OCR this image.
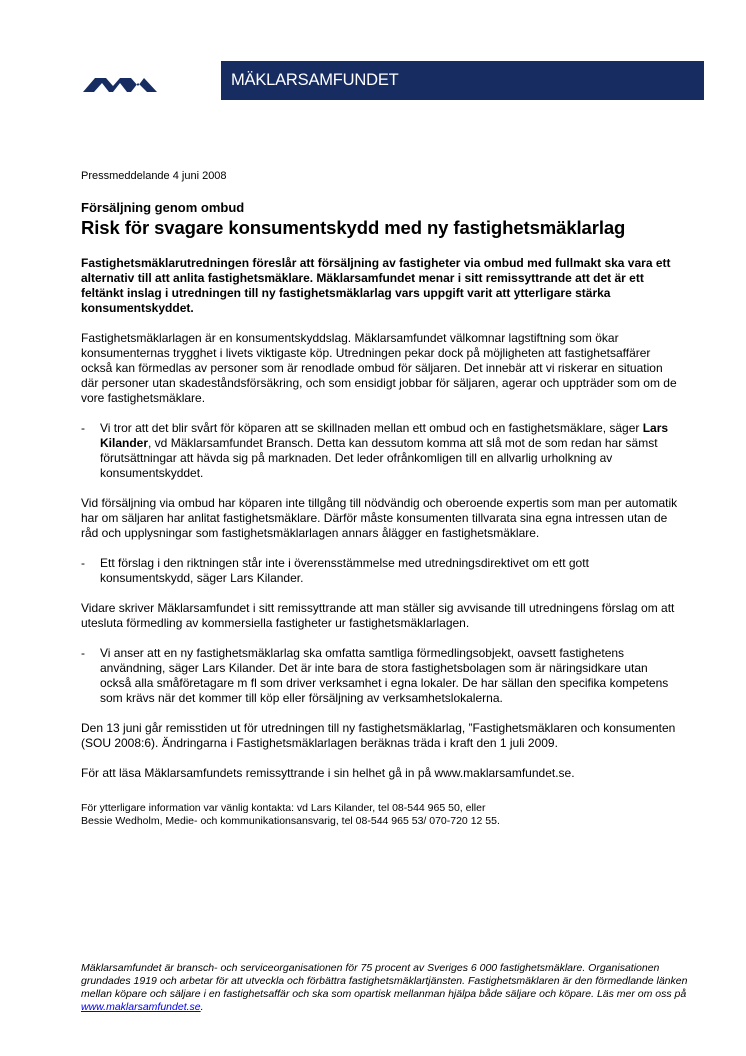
MÄKLARSAMFUNDET
Pressmeddelande 4 juni 2008
Försäljning genom ombud
Risk för svagare konsumentskydd med ny fastighetsmäklarlag

Fastighetsmäklarutredningen föreslår att försäljning av fastigheter via ombud med fullmakt ska vara ett alternativ till att anlita fastighetsmäklare. Mäklarsamfundet menar i sitt remissyttrande att det är ett feltänkt inslag i utredningen till ny fastighetsmäklarlag vars uppgift varit att ytterligare stärka konsumentskyddet.

Fastighetsmäklarlagen är en konsumentskyddslag. Mäklarsamfundet välkomnar lagstiftning som ökar konsumenternas trygghet i livets viktigaste köp. Utredningen pekar dock på möjligheten att fastighetsaffärer också kan förmedlas av personer som är renodlade ombud för säljaren. Det innebär att vi riskerar en situation där personer utan skadeståndsförsäkring, och som ensidigt jobbar för säljaren, agerar och uppträder som om de vore fastighetsmäklare.

- Vi tror att det blir svårt för köparen att se skillnaden mellan ett ombud och en fastighetsmäklare, säger Lars Kilander, vd Mäklarsamfundet Bransch. Detta kan dessutom komma att slå mot de som redan har sämst förutsättningar att hävda sig på marknaden. Det leder ofrånkomligen till en allvarlig urholkning av konsumentskyddet.

Vid försäljning via ombud har köparen inte tillgång till nödvändig och oberoende expertis som man per automatik har om säljaren har anlitat fastighetsmäklare. Därför måste konsumenten tillvarata sina egna intressen utan de råd och upplysningar som fastighetsmäklarlagen annars ålägger en fastighetsmäklare.

- Ett förslag i den riktningen står inte i överensstämmelse med utredningsdirektivet om ett gott konsumentskydd, säger Lars Kilander.

Vidare skriver Mäklarsamfundet i sitt remissyttrande att man ställer sig avvisande till utredningens förslag om att utesluta förmedling av kommersiella fastigheter ur fastighetsmäklarlagen.

- Vi anser att en ny fastighetsmäklarlag ska omfatta samtliga förmedlingsobjekt, oavsett fastighetens användning, säger Lars Kilander. Det är inte bara de stora fastighetsbolagen som är näringsidkare utan också alla småföretagare m fl som driver verksamhet i egna lokaler. De har sällan den specifika kompetens som krävs när det kommer till köp eller försäljning av verksamhetslokalerna.

Den 13 juni går remisstiden ut för utredningen till ny fastighetsmäklarlag, ”Fastighetsmäklaren och konsumenten (SOU 2008:6). Ändringarna i Fastighetsmäklarlagen beräknas träda i kraft den 1 juli 2009.

För att läsa Mäklarsamfundets remissyttrande i sin helhet gå in på www.maklarsamfundet.se.

För ytterligare information var vänlig kontakta: vd Lars Kilander, tel 08-544 965 50, eller
Bessie Wedholm, Medie- och kommunikationsansvarig, tel 08-544 965 53/ 070-720 12 55.
Mäklarsamfundet är bransch- och serviceorganisationen för 75 procent av Sveriges 6 000 fastighetsmäklare. Organisationen grundades 1919 och arbetar för att utveckla och förbättra fastighetsmäklartjänsten. Fastighetsmäklaren är den förmedlande länken mellan köpare och säljare i en fastighetsaffär och ska som opartisk mellanman hjälpa både säljare och köpare. Läs mer om oss på www.maklarsamfundet.se.
